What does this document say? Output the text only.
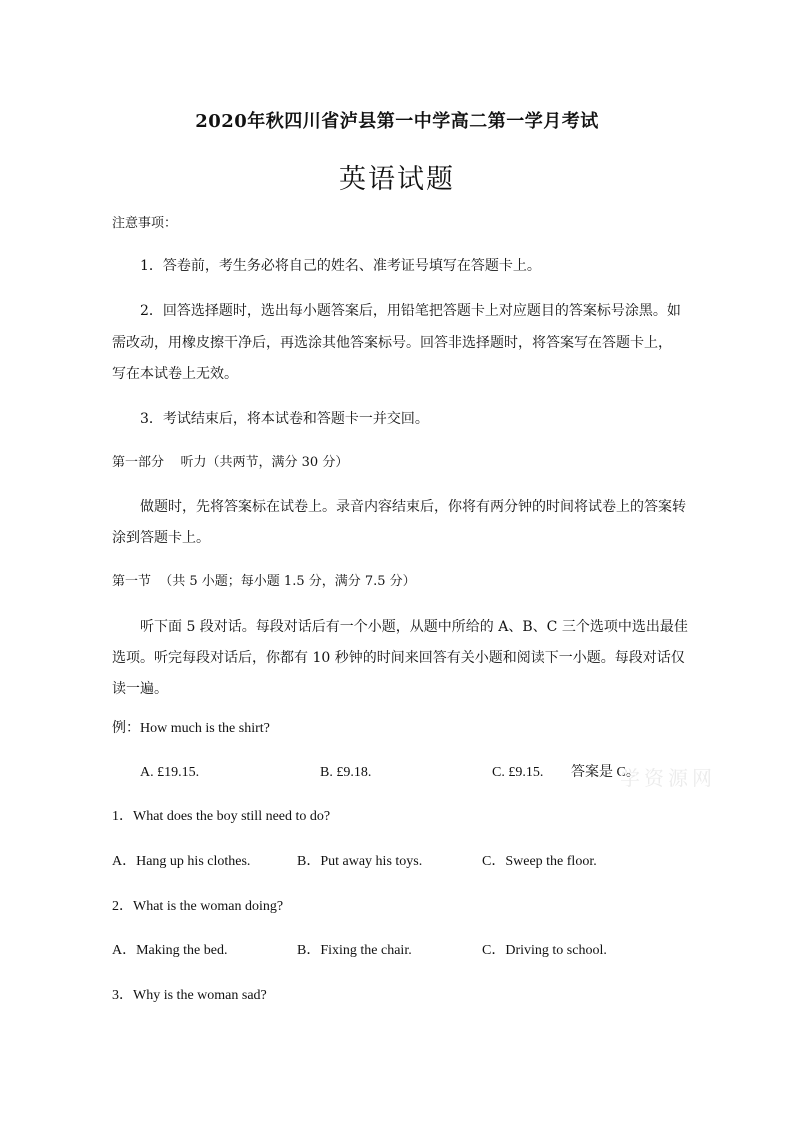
2020年秋四川省泸县第一中学高二第一学月考试
英语试题
注意事项：
1．答卷前，考生务必将自己的姓名、准考证号填写在答题卡上。
2．回答选择题时，选出每小题答案后，用铅笔把答题卡上对应题目的答案标号涂黑。如
需改动，用橡皮擦干净后，再选涂其他答案标号。回答非选择题时，将答案写在答题卡上，
写在本试卷上无效。
3．考试结束后，将本试卷和答题卡一并交回。
第一部分    听力（共两节，满分 30 分）
做题时，先将答案标在试卷上。录音内容结束后，你将有两分钟的时间将试卷上的答案转
涂到答题卡上。
第一节  （共 5 小题；每小题 1.5 分，满分 7.5 分）
听下面 5 段对话。每段对话后有一个小题，从题中所给的 A、B、C 三个选项中选出最佳
选项。听完每段对话后，你都有 10 秒钟的时间来回答有关小题和阅读下一小题。每段对话仅
读一遍。
例：How much is the shirt?
A. £19.15.	B. £9.18.	C. £9.15. 答案是 C。
学资源网
1．What does the boy still need to do?
A．Hang up his clothes.	B．Put away his toys.	C．Sweep the floor.
2．What is the woman doing?
A．Making the bed.	B．Fixing the chair.	C．Driving to school.
3．Why is the woman sad?
